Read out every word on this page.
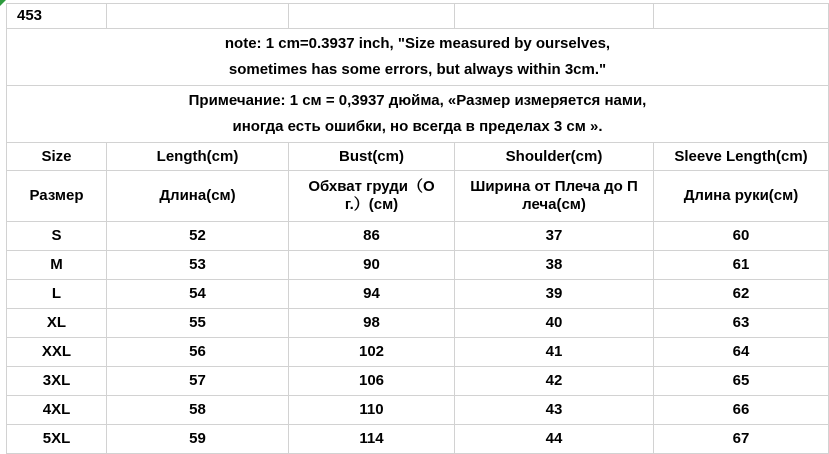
453				

note: 1 cm=0.3937 inch, "Size measured by ourselves,
sometimes has some errors, but always within 3cm."				

Примечание: 1 см = 0,3937 дюйма, «Размер измеряется нами,
иногда есть ошибки, но всегда в пределах 3 см ».				

Size	Length(cm)	Bust(cm)	Shoulder(cm)	Sleeve Length(cm)
Размер	Длина(см)	Обхват груди（О г.）(см)	Ширина от Плеча до П леча(см)	Длина руки(см)
S	52	86	37	60
M	53	90	38	61
L	54	94	39	62
XL	55	98	40	63
XXL	56	102	41	64
3XL	57	106	42	65
4XL	58	110	43	66
5XL	59	114	44	67
